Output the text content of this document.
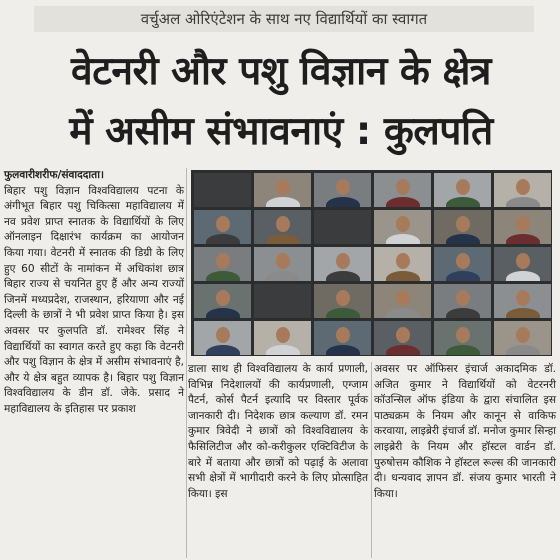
वर्चुअल ओरिएंटेशन के साथ नए विद्यार्थियों का स्वागत
वेटनरी और पशु विज्ञान के क्षेत्र
में असीम संभावनाएं : कुलपति

फुलवारीशरीफ/संवाददाता।

बिहार पशु विज्ञान विश्वविद्यालय पटना के अंगीभूत बिहार पशु चिकित्सा महाविद्यालय में नव प्रवेश प्राप्त स्नातक के विद्यार्थियों के लिए ऑनलाइन दिक्षारंभ कार्यक्रम का आयोजन किया गया। वेटनरी में स्नातक की डिग्री के लिए हुए 60 सीटों के नामांकन में अधिकांश छात्र बिहार राज्य से चयनित हुए हैं और अन्य राज्यों जिनमें मध्यप्रदेश, राजस्थान, हरियाणा और नई दिल्ली के छात्रों ने भी प्रवेश प्राप्त किया है। इस अवसर पर कुलपति डॉ. रामेश्वर सिंह ने विद्यार्थियों का स्वागत करते हुए कहा कि वेटनरी और पशु विज्ञान के क्षेत्र में असीम संभावनाएं है, और ये क्षेत्र बहुत व्यापक है। बिहार पशु विज्ञान विश्वविद्यालय के डीन डॉ. जेके. प्रसाद ने महाविद्यालय के इतिहास पर प्रकाश

डाला साथ ही विश्वविद्यालय के कार्य प्रणाली, विभिन्न निदेशालयों की कार्यप्रणाली, एग्जाम पैटर्न, कोर्स पैटर्न इत्यादि पर विस्तार पूर्वक जानकारी दी। निदेशक छात्र कल्याण डॉ. रमन कुमार त्रिवेदी ने छात्रों को विश्वविद्यालय के फैसिलिटीज और को-करीकुलर एक्टिविटीज के बारे में बताया और छात्रों को पढ़ाई के अलावा सभी क्षेत्रों में भागीदारी करने के लिए प्रोत्साहित किया। इस

अवसर पर ऑफिसर इंचार्ज अकादमिक डॉ. अजित कुमार ने विद्यार्थियों को वेटरनरी कॉउन्सिल ऑफ इंडिया के द्वारा संचालित इस पाठ्यक्रम के नियम और कानून से वाकिफ करवाया, लाइब्रेरी इंचार्ज डॉ. मनोज कुमार सिन्हा लाइब्रेरी के नियम और हॉस्टल वार्डन डॉ. पुरुषोत्तम कौशिक ने हॉस्टल रूल्स की जानकारी दी। धन्यवाद ज्ञापन डॉ. संजय कुमार भारती ने किया।
